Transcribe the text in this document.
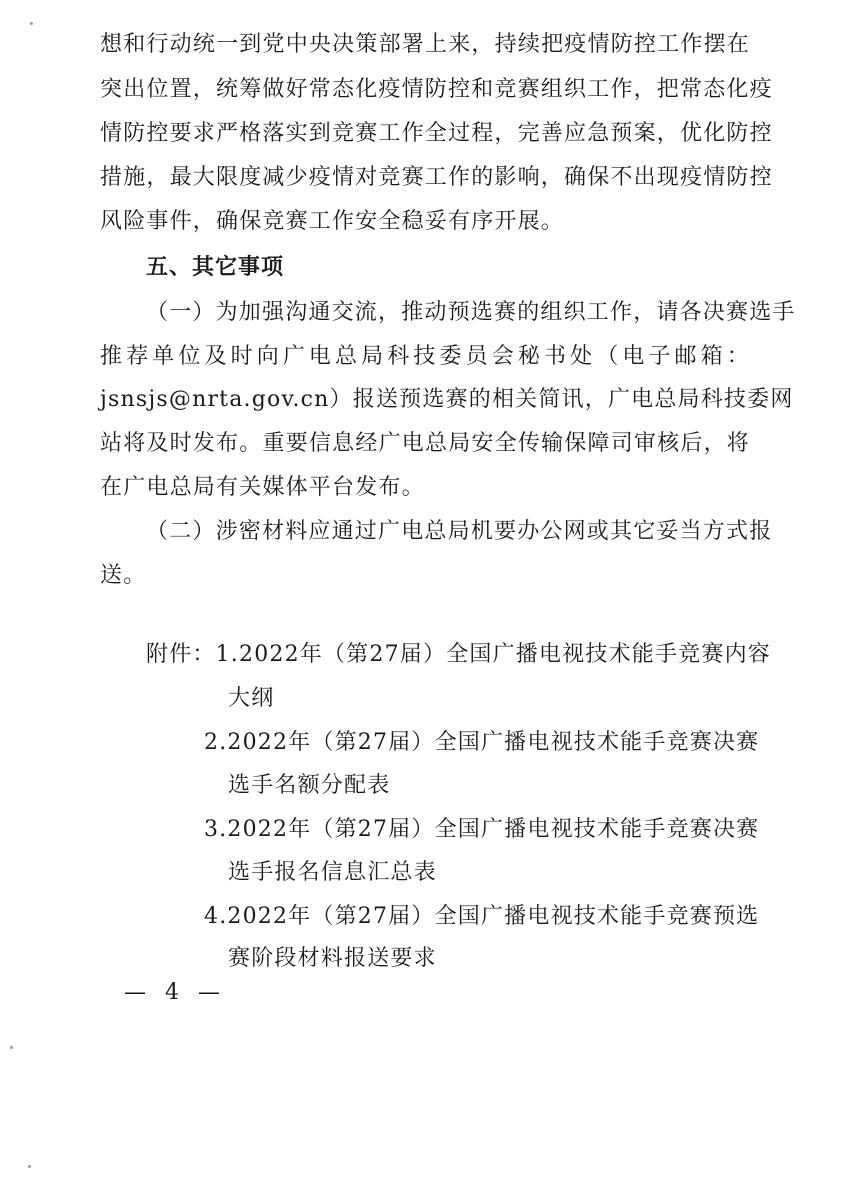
想和行动统一到党中央决策部署上来，持续把疫情防控工作摆在
突出位置，统筹做好常态化疫情防控和竞赛组织工作，把常态化疫
情防控要求严格落实到竞赛工作全过程，完善应急预案，优化防控
措施，最大限度减少疫情对竞赛工作的影响，确保不出现疫情防控
风险事件，确保竞赛工作安全稳妥有序开展。
五、其它事项
（一）为加强沟通交流，推动预选赛的组织工作，请各决赛选手
推荐单位及时向广电总局科技委员会秘书处（电子邮箱：
jsnsjs@nrta.gov.cn）报送预选赛的相关简讯，广电总局科技委网
站将及时发布。重要信息经广电总局安全传输保障司审核后，将
在广电总局有关媒体平台发布。
（二）涉密材料应通过广电总局机要办公网或其它妥当方式报
送。
附件：1.2022年（第27届）全国广播电视技术能手竞赛内容
大纲
2.2022年（第27届）全国广播电视技术能手竞赛决赛
选手名额分配表
3.2022年（第27届）全国广播电视技术能手竞赛决赛
选手报名信息汇总表
4.2022年（第27届）全国广播电视技术能手竞赛预选
赛阶段材料报送要求
— 4 —
